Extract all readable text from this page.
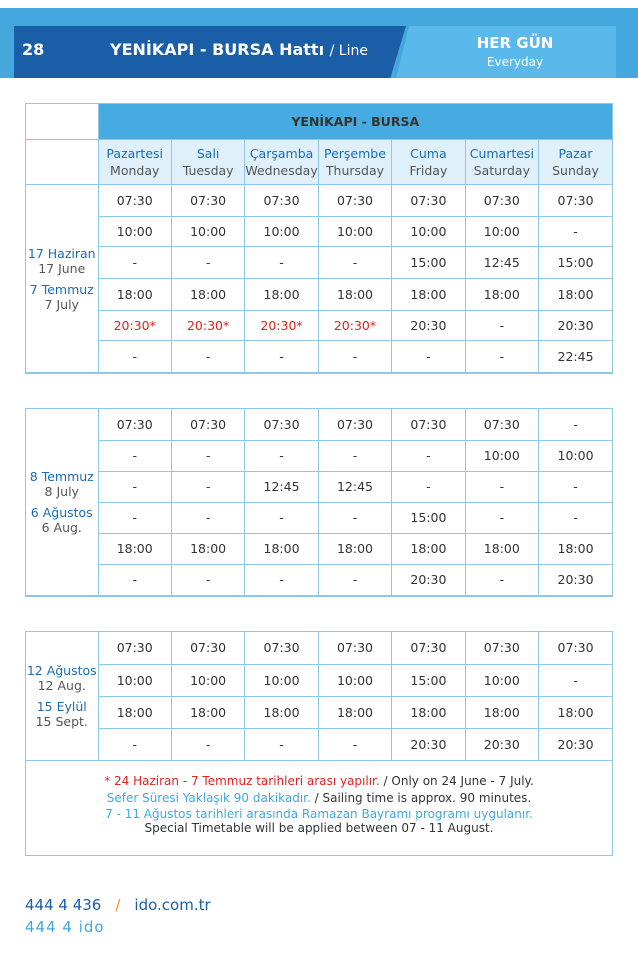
28	YENİKAPI - BURSA Hattı / Line	HER GÜN
Everyday
	YENİKAPI - BURSA						

	Pazartesi
Monday	Salı
Tuesday	Çarşamba
Wednesday	Perşembe
Thursday	Cuma
Friday	Cumartesi
Saturday	Pazar
Sunday

17 Haziran
17 June
7 Temmuz
7 July	07:30	07:30	07:30	07:30	07:30	07:30	07:30
	10:00	10:00	10:00	10:00	10:00	10:00	-
	-	-	-	-	15:00	12:45	15:00
	18:00	18:00	18:00	18:00	18:00	18:00	18:00
	20:30*	20:30*	20:30*	20:30*	20:30	-	20:30
	-	-	-	-	-	-	22:45
8 Temmuz
8 July
6 Ağustos
6 Aug.	07:30	07:30	07:30	07:30	07:30	07:30	-
	-	-	-	-	-	10:00	10:00
	-	-	12:45	12:45	-	-	-
	-	-	-	-	15:00	-	-
	18:00	18:00	18:00	18:00	18:00	18:00	18:00
	-	-	-	-	20:30	-	20:30
12 Ağustos
12 Aug.
15 Eylül
15 Sept.	07:30	07:30	07:30	07:30	07:30	07:30	07:30
	10:00	10:00	10:00	10:00	15:00	10:00	-
	18:00	18:00	18:00	18:00	18:00	18:00	18:00
	-	-	-	-	20:30	20:30	20:30
* 24 Haziran - 7 Temmuz tarihleri arası yapılır. / Only on 24 June - 7 July.
Sefer Süresi Yaklaşık 90 dakikadır. / Sailing time is approx. 90 minutes.
7 - 11 Ağustos tarihleri arasında Ramazan Bayramı programı uygulanır.
Special Timetable will be applied between 07 - 11 August.
444 4 436 / ido.com.tr
444 4 ido
